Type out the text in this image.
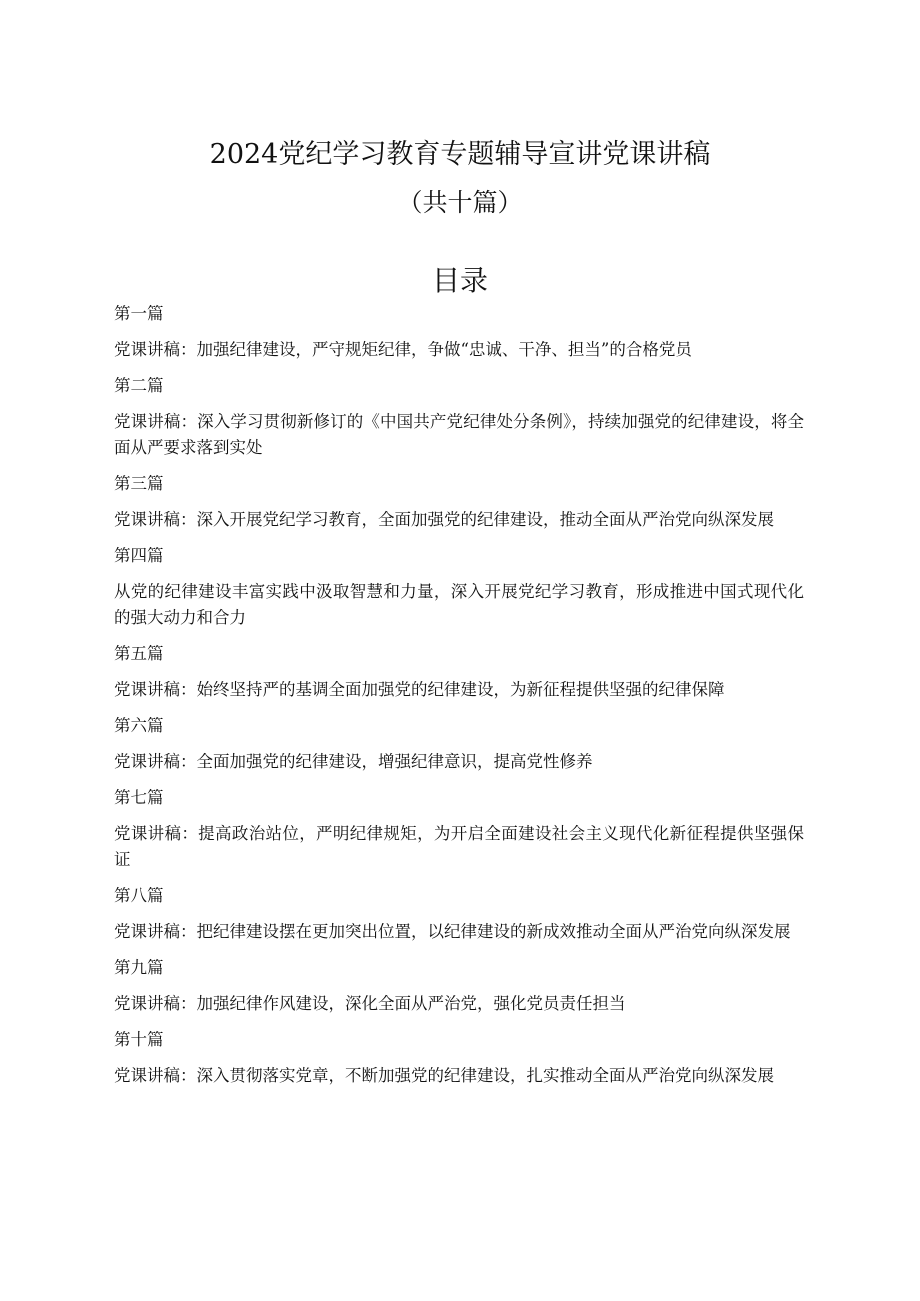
2024党纪学习教育专题辅导宣讲党课讲稿
（共十篇）
目录
第一篇
党课讲稿：加强纪律建设，严守规矩纪律，争做“忠诚、干净、担当”的合格党员
第二篇
党课讲稿：深入学习贯彻新修订的《中国共产党纪律处分条例》，持续加强党的纪律建设，将全面从严要求落到实处
第三篇
党课讲稿：深入开展党纪学习教育，全面加强党的纪律建设，推动全面从严治党向纵深发展
第四篇
从党的纪律建设丰富实践中汲取智慧和力量，深入开展党纪学习教育，形成推进中国式现代化的强大动力和合力
第五篇
党课讲稿：始终坚持严的基调全面加强党的纪律建设，为新征程提供坚强的纪律保障
第六篇
党课讲稿：全面加强党的纪律建设，增强纪律意识，提高党性修养
第七篇
党课讲稿：提高政治站位，严明纪律规矩，为开启全面建设社会主义现代化新征程提供坚强保证
第八篇
党课讲稿：把纪律建设摆在更加突出位置，以纪律建设的新成效推动全面从严治党向纵深发展
第九篇
党课讲稿：加强纪律作风建设，深化全面从严治党，强化党员责任担当
第十篇
党课讲稿：深入贯彻落实党章，不断加强党的纪律建设，扎实推动全面从严治党向纵深发展
